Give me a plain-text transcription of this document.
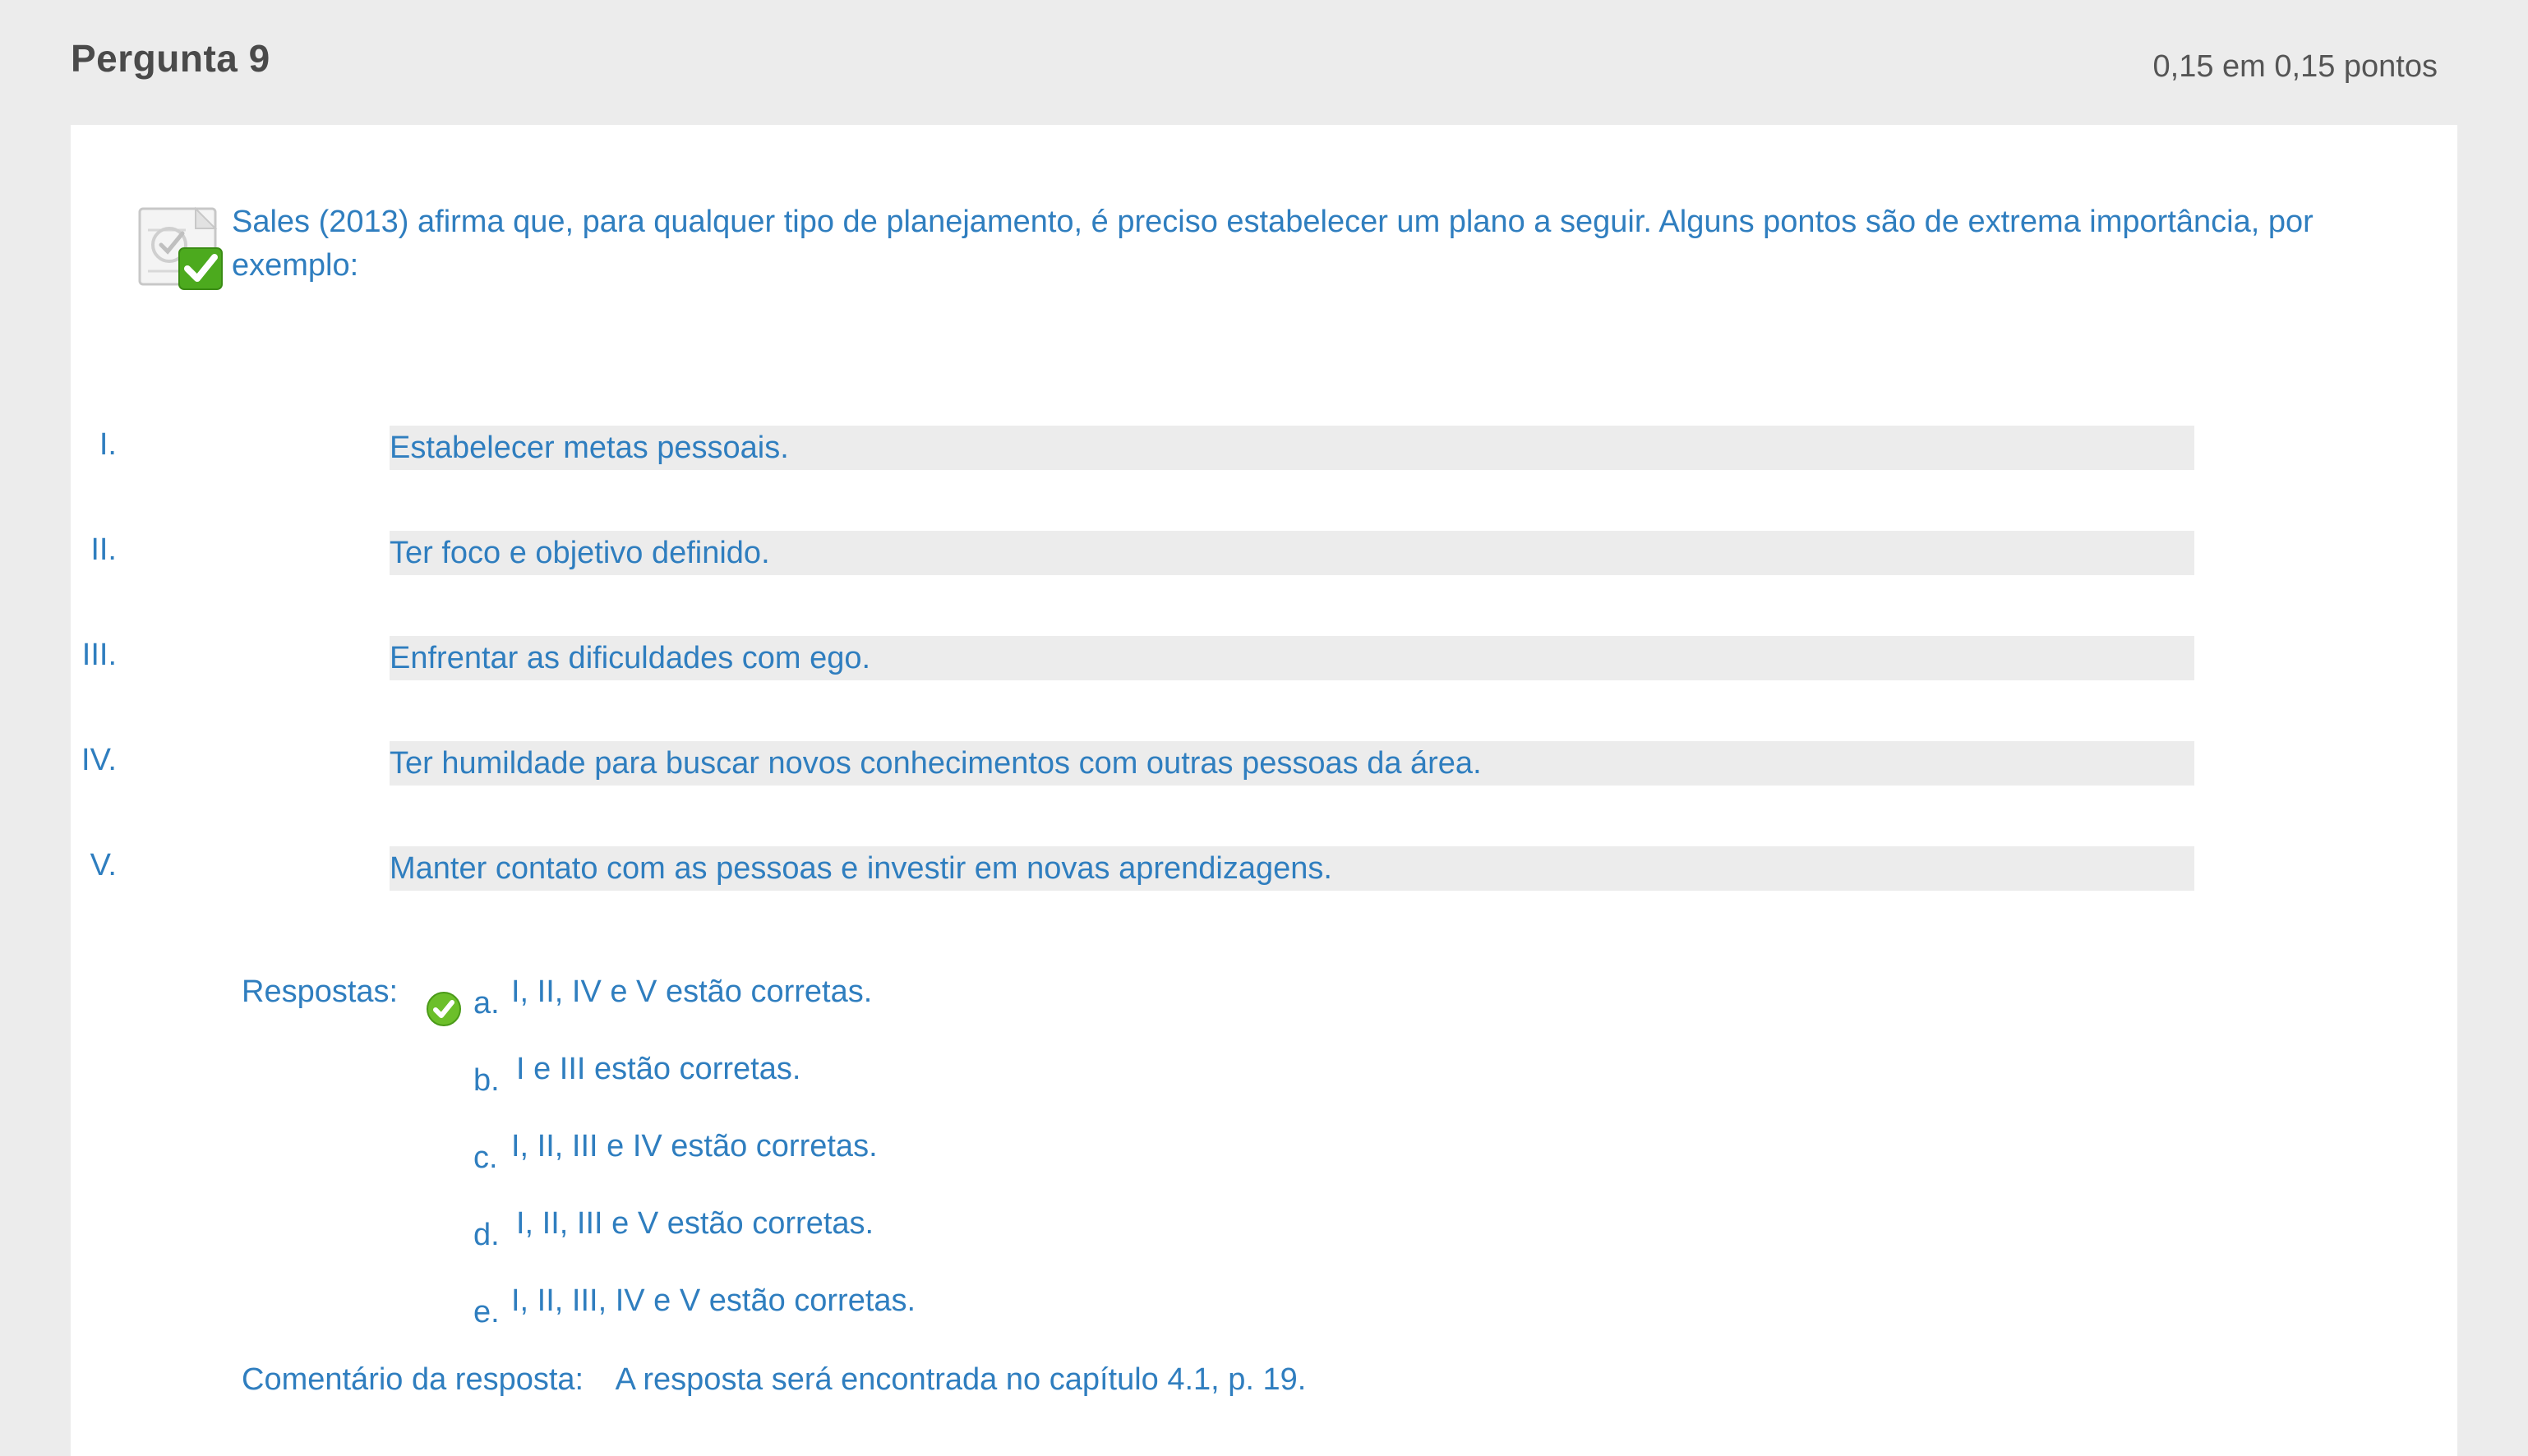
Pergunta 9	0,15 em 0,15 pontos
Sales (2013) afirma que, para qualquer tipo de planejamento, é preciso estabelecer um plano a seguir. Alguns pontos são de extrema importância, por exemplo:
I.	Estabelecer metas pessoais.
II.	Ter foco e objetivo definido.
III.	Enfrentar as dificuldades com ego.
IV.	Ter humildade para buscar novos conhecimentos com outras pessoas da área.
V.	Manter contato com as pessoas e investir em novas aprendizagens.
Respostas: a. I, II, IV e V estão corretas.
b. I e III estão corretas.
c. I, II, III e IV estão corretas.
d. I, II, III e V estão corretas.
e. I, II, III, IV e V estão corretas.
Comentário da resposta: A resposta será encontrada no capítulo 4.1, p. 19.
